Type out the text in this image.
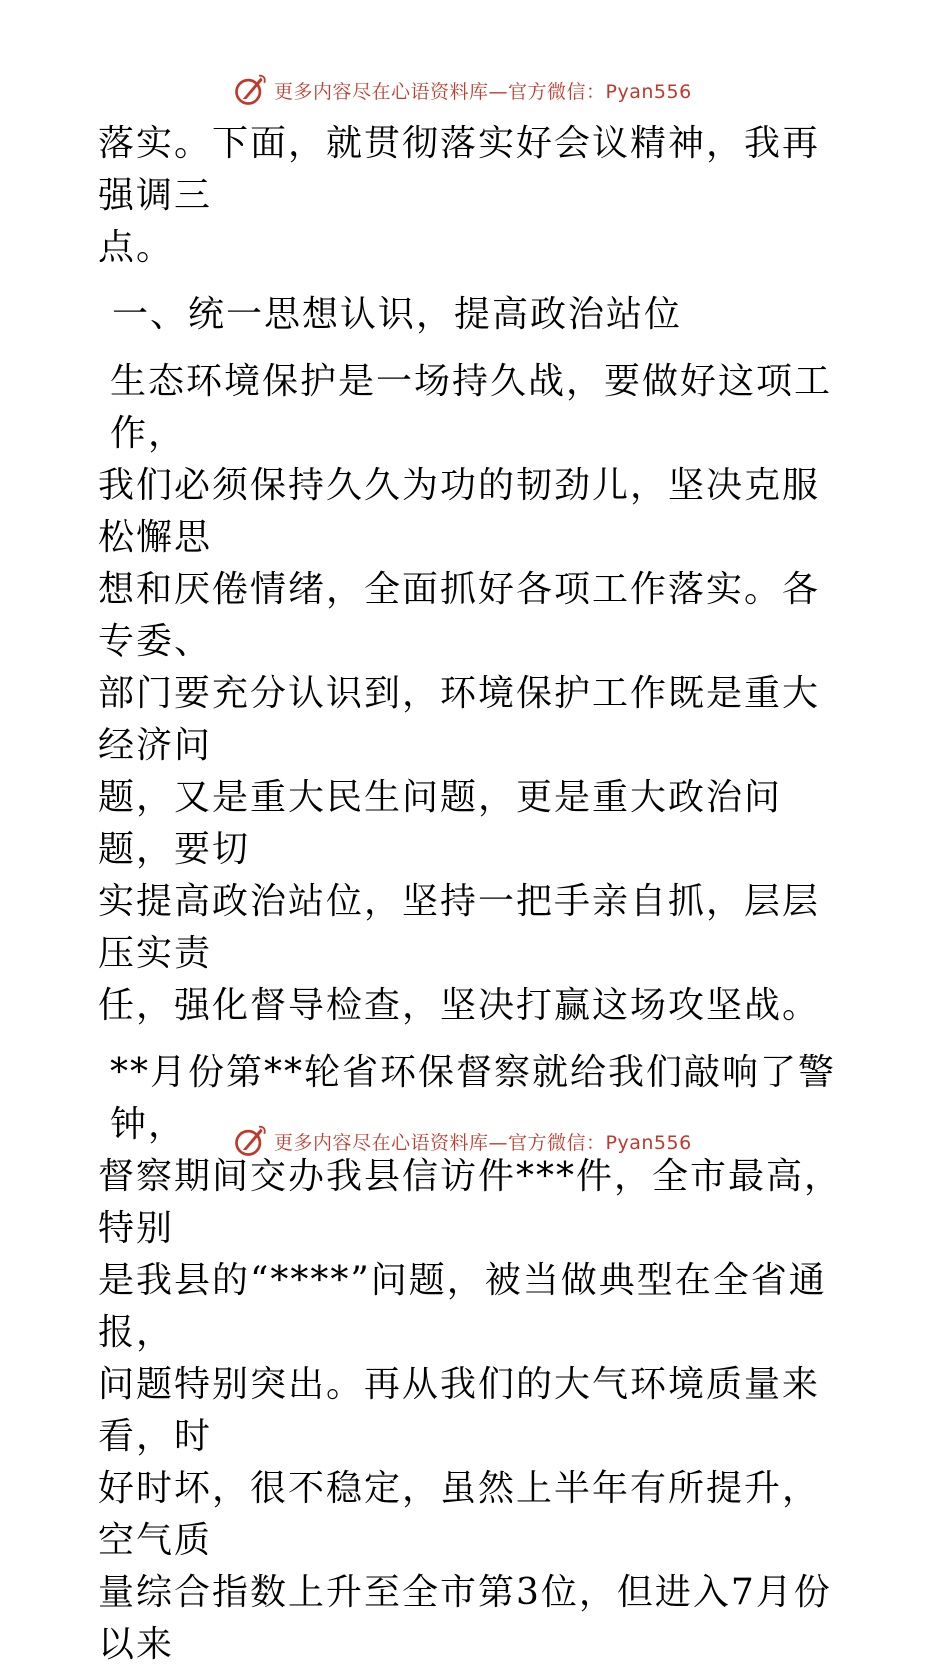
更多内容尽在心语资料库—官方微信：Pyan556

落实。下面，就贯彻落实好会议精神，我再强调三

点。

一、统一思想认识，提高政治站位

生态环境保护是一场持久战，要做好这项工作，

我们必须保持久久为功的韧劲儿，坚决克服松懈思

想和厌倦情绪，全面抓好各项工作落实。各专委、

部门要充分认识到，环境保护工作既是重大经济问

题，又是重大民生问题，更是重大政治问题，要切

实提高政治站位，坚持一把手亲自抓，层层压实责

任，强化督导检查，坚决打赢这场攻坚战。

**月份第**轮省环保督察就给我们敲响了警钟，

督察期间交办我县信访件***件，全市最高，特别

是我县的“****”问题，被当做典型在全省通报，

问题特别突出。再从我们的大气环境质量来看，时

好时坏，很不稳定，虽然上半年有所提升，空气质

量综合指数上升至全市第3位，但进入7月份以来

更多内容尽在心语资料库—官方微信：Pyan556
